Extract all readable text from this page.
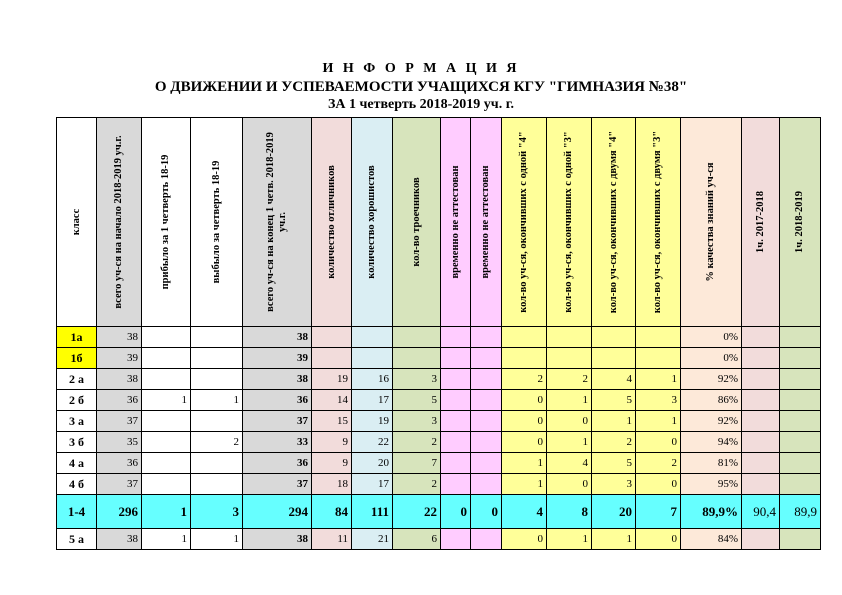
И Н Ф О Р М А Ц И Я
О ДВИЖЕНИИ И УСПЕВАЕМОСТИ УЧАЩИХСЯ КГУ "ГИМНАЗИЯ №38"
ЗА 1 четверть 2018-2019 уч. г.
класс	всего уч-ся на начало 2018-2019 уч.г.	прибыло за 1 четверть 18-19	выбыло за четверть 18-19	всего уч-ся на конец 1 четв. 2018-2019 уч.г.	количество отличников	количество хорошистов	кол-во троечников	временно не аттестован	временно не аттестован	кол-во уч-ся, окончивших с одной "4"	кол-во уч-ся, окончивших с одной "3"	кол-во уч-ся, окончивших с двумя "4"	кол-во уч-ся, окончивших с двумя "3"	% качества знаний уч-ся	1ч. 2017-2018	1ч. 2018-2019

1а	38			38										0%		
1б	39			39										0%		
2 а	38			38	19	16	3			2	2	4	1	92%		
2 б	36	1	1	36	14	17	5			0	1	5	3	86%		
3 а	37			37	15	19	3			0	0	1	1	92%		
3 б	35		2	33	9	22	2			0	1	2	0	94%		
4 а	36			36	9	20	7			1	4	5	2	81%		
4 б	37			37	18	17	2			1	0	3	0	95%		
1-4	296	1	3	294	84	111	22	0	0	4	8	20	7	89,9%	90,4	89,9
5 а	38	1	1	38	11	21	6			0	1	1	0	84%		
